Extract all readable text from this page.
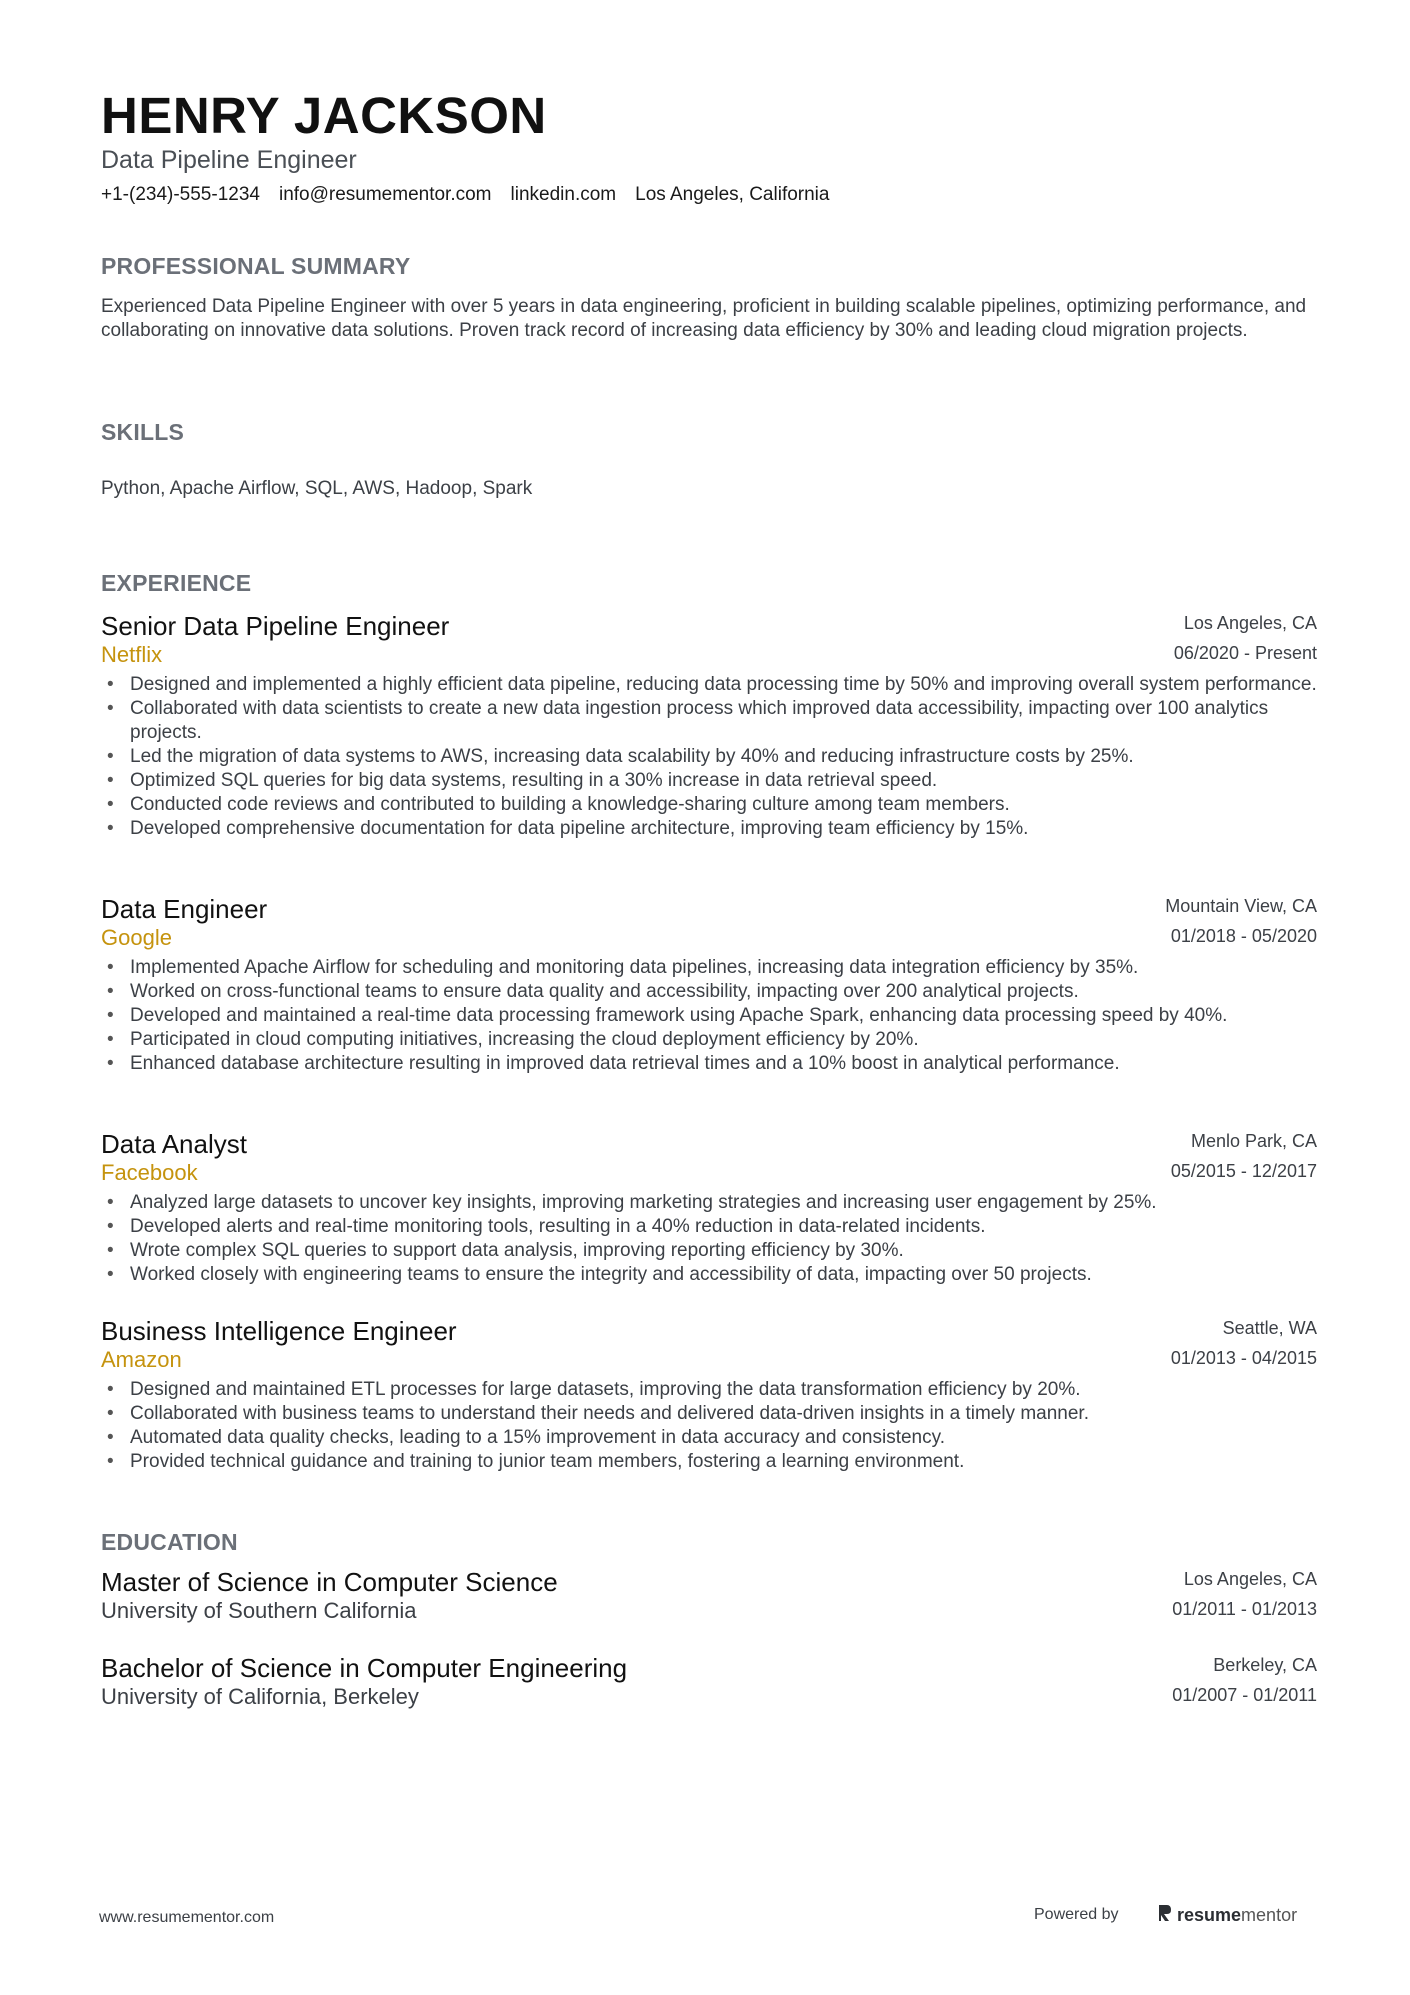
HENRY JACKSON
Data Pipeline Engineer
+1-(234)-555-1234 info@resumementor.com linkedin.com Los Angeles, California
PROFESSIONAL SUMMARY
Experienced Data Pipeline Engineer with over 5 years in data engineering, proficient in building scalable pipelines, optimizing performance, and collaborating on innovative data solutions. Proven track record of increasing data efficiency by 30% and leading cloud migration projects.
SKILLS
Python, Apache Airflow, SQL, AWS, Hadoop, Spark
EXPERIENCE
Senior Data Pipeline Engineer	Los Angeles, CA
Netflix	06/2020 - Present
• Designed and implemented a highly efficient data pipeline, reducing data processing time by 50% and improving overall system performance.
• Collaborated with data scientists to create a new data ingestion process which improved data accessibility, impacting over 100 analytics projects.
• Led the migration of data systems to AWS, increasing data scalability by 40% and reducing infrastructure costs by 25%.
• Optimized SQL queries for big data systems, resulting in a 30% increase in data retrieval speed.
• Conducted code reviews and contributed to building a knowledge-sharing culture among team members.
• Developed comprehensive documentation for data pipeline architecture, improving team efficiency by 15%.
Data Engineer	Mountain View, CA
Google	01/2018 - 05/2020
• Implemented Apache Airflow for scheduling and monitoring data pipelines, increasing data integration efficiency by 35%.
• Worked on cross-functional teams to ensure data quality and accessibility, impacting over 200 analytical projects.
• Developed and maintained a real-time data processing framework using Apache Spark, enhancing data processing speed by 40%.
• Participated in cloud computing initiatives, increasing the cloud deployment efficiency by 20%.
• Enhanced database architecture resulting in improved data retrieval times and a 10% boost in analytical performance.
Data Analyst	Menlo Park, CA
Facebook	05/2015 - 12/2017
• Analyzed large datasets to uncover key insights, improving marketing strategies and increasing user engagement by 25%.
• Developed alerts and real-time monitoring tools, resulting in a 40% reduction in data-related incidents.
• Wrote complex SQL queries to support data analysis, improving reporting efficiency by 30%.
• Worked closely with engineering teams to ensure the integrity and accessibility of data, impacting over 50 projects.
Business Intelligence Engineer	Seattle, WA
Amazon	01/2013 - 04/2015
• Designed and maintained ETL processes for large datasets, improving the data transformation efficiency by 20%.
• Collaborated with business teams to understand their needs and delivered data-driven insights in a timely manner.
• Automated data quality checks, leading to a 15% improvement in data accuracy and consistency.
• Provided technical guidance and training to junior team members, fostering a learning environment.
EDUCATION
Master of Science in Computer Science	Los Angeles, CA
University of Southern California	01/2011 - 01/2013
Bachelor of Science in Computer Engineering	Berkeley, CA
University of California, Berkeley	01/2007 - 01/2011
www.resumementor.com	Powered by	resumementor
